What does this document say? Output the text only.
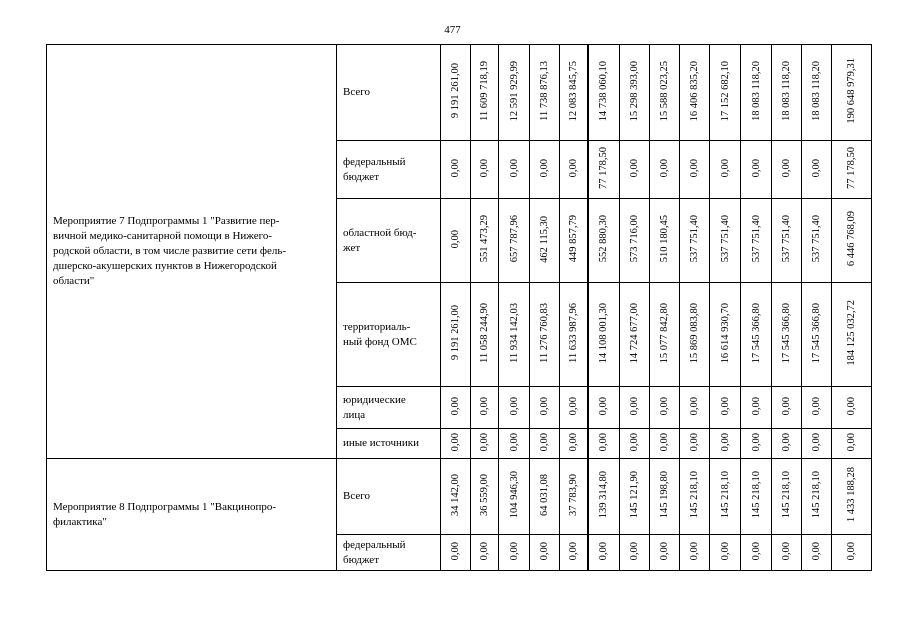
477
Мероприятие 7 Подпрограммы 1 "Развитие пер-
вичной медико-санитарной помощи в Нижего-
родской области, в том числе развитие сети фель-
дшерско-акушерских пунктов в Нижегородской
области"	Всего	9 191 261,00	11 609 718,19	12 591 929,99	11 738 876,13	12 083 845,75	14 738 060,10	15 298 393,00	15 588 023,25	16 406 835,20	17 152 682,10	18 083 118,20	18 083 118,20	18 083 118,20	190 648 979,31
	федеральный
бюджет	0,00	0,00	0,00	0,00	0,00	77 178,50	0,00	0,00	0,00	0,00	0,00	0,00	0,00	77 178,50
	областной бюд-
жет	0,00	551 473,29	657 787,96	462 115,30	449 857,79	552 880,30	573 716,00	510 180,45	537 751,40	537 751,40	537 751,40	537 751,40	537 751,40	6 446 768,09
	территориаль-
ный фонд ОМС	9 191 261,00	11 058 244,90	11 934 142,03	11 276 760,83	11 633 987,96	14 108 001,30	14 724 677,00	15 077 842,80	15 869 083,80	16 614 930,70	17 545 366,80	17 545 366,80	17 545 366,80	184 125 032,72
	юридические
лица	0,00	0,00	0,00	0,00	0,00	0,00	0,00	0,00	0,00	0,00	0,00	0,00	0,00	0,00
	иные источники	0,00	0,00	0,00	0,00	0,00	0,00	0,00	0,00	0,00	0,00	0,00	0,00	0,00	0,00
Мероприятие 8 Подпрограммы 1 "Вакцинопро-
филактика"	Всего	34 142,00	36 559,00	104 946,30	64 031,08	37 783,90	139 314,80	145 121,90	145 198,80	145 218,10	145 218,10	145 218,10	145 218,10	145 218,10	1 433 188,28
	федеральный
бюджет	0,00	0,00	0,00	0,00	0,00	0,00	0,00	0,00	0,00	0,00	0,00	0,00	0,00	0,00
